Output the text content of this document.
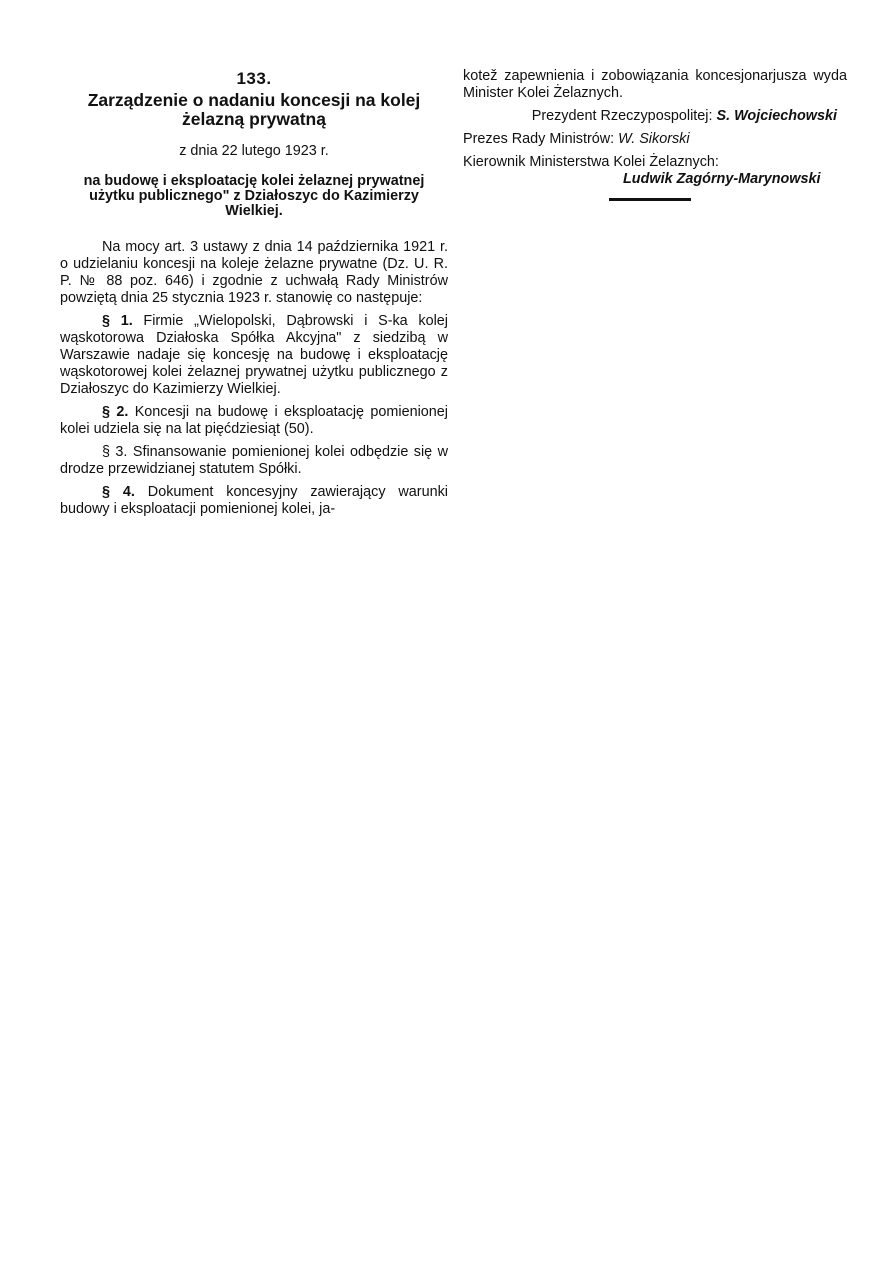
133.
Zarządzenie o nadaniu koncesji na kolej żelazną prywatną
z dnia 22 lutego 1923 r.
na budowę i eksploatację kolei żelaznej prywatnej użytku publicznego" z Działoszyc do Kazimierzy Wielkiej.

Na mocy art. 3 ustawy z dnia 14 października 1921 r. o udzielaniu koncesji na koleje żelazne prywatne (Dz. U. R. P. № 88 poz. 646) i zgodnie z uchwałą Rady Ministrów powziętą dnia 25 stycznia 1923 r. stanowię co następuje:

§ 1. Firmie „Wielopolski, Dąbrowski i S-ka kolej wąskotorowa Działoska Spółka Akcyjna" z siedzibą w Warszawie nadaje się koncesję na budowę i eksploatację wąskotorowej kolei żelaznej prywatnej użytku publicznego z Działoszyc do Kazimierzy Wielkiej.

§ 2. Koncesji na budowę i eksploatację pomienionej kolei udziela się na lat pięćdziesiąt (50).

§ 3. Sfinansowanie pomienionej kolei odbędzie się w drodze przewidzianej statutem Spółki.

§ 4. Dokument koncesyjny zawierający warunki budowy i eksploatacji pomienionej kolei, ja-

kotež zapewnienia i zobowiązania koncesjonarjusza wyda Minister Kolei Żelaznych.
Prezydent Rzeczypospolitej: S. Wojciechowski
Prezes Rady Ministrów: W. Sikorski
Kierownik Ministerstwa Kolei Żelaznych:
Ludwik Zagórny-Marynowski
